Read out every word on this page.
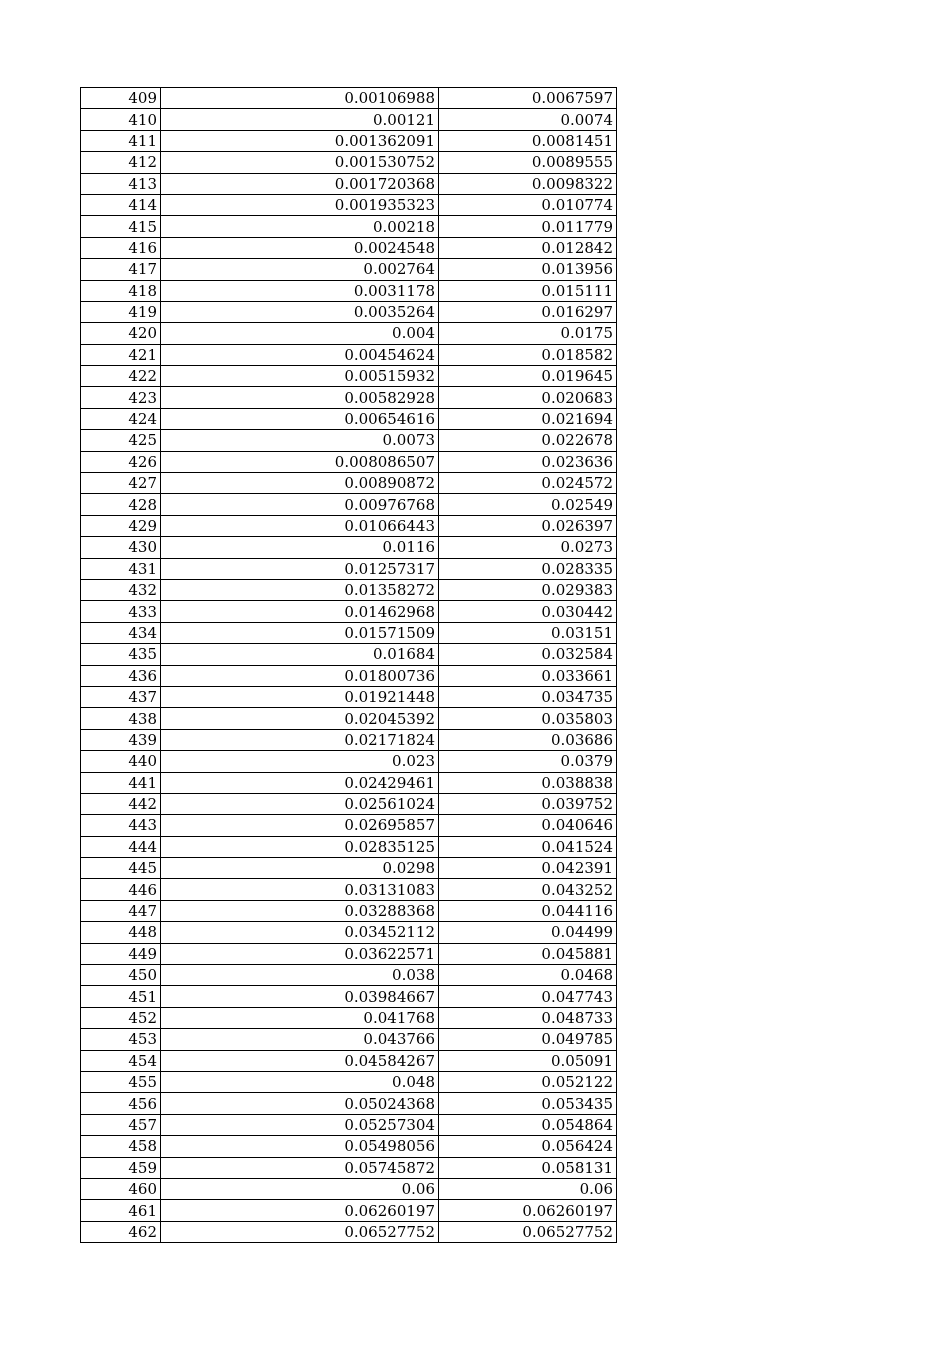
409	0.00106988	0.0067597
410	0.00121	0.0074
411	0.001362091	0.0081451
412	0.001530752	0.0089555
413	0.001720368	0.0098322
414	0.001935323	0.010774
415	0.00218	0.011779
416	0.0024548	0.012842
417	0.002764	0.013956
418	0.0031178	0.015111
419	0.0035264	0.016297
420	0.004	0.0175
421	0.00454624	0.018582
422	0.00515932	0.019645
423	0.00582928	0.020683
424	0.00654616	0.021694
425	0.0073	0.022678
426	0.008086507	0.023636
427	0.00890872	0.024572
428	0.00976768	0.02549
429	0.01066443	0.026397
430	0.0116	0.0273
431	0.01257317	0.028335
432	0.01358272	0.029383
433	0.01462968	0.030442
434	0.01571509	0.03151
435	0.01684	0.032584
436	0.01800736	0.033661
437	0.01921448	0.034735
438	0.02045392	0.035803
439	0.02171824	0.03686
440	0.023	0.0379
441	0.02429461	0.038838
442	0.02561024	0.039752
443	0.02695857	0.040646
444	0.02835125	0.041524
445	0.0298	0.042391
446	0.03131083	0.043252
447	0.03288368	0.044116
448	0.03452112	0.04499
449	0.03622571	0.045881
450	0.038	0.0468
451	0.03984667	0.047743
452	0.041768	0.048733
453	0.043766	0.049785
454	0.04584267	0.05091
455	0.048	0.052122
456	0.05024368	0.053435
457	0.05257304	0.054864
458	0.05498056	0.056424
459	0.05745872	0.058131
460	0.06	0.06
461	0.06260197	0.06260197
462	0.06527752	0.06527752
